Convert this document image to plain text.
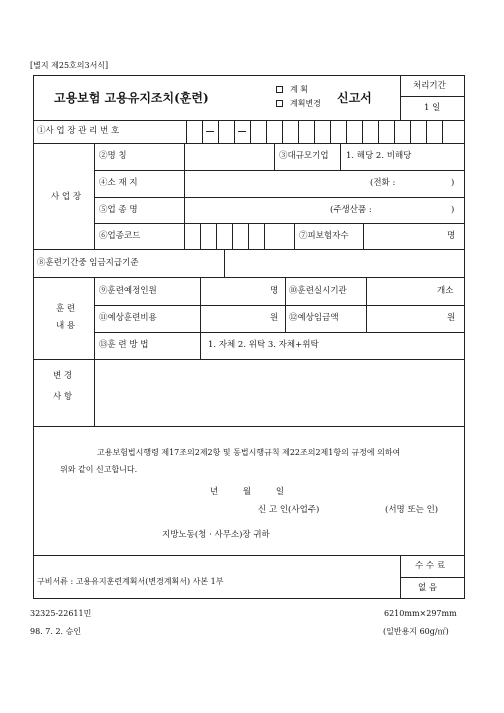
[별지 제25호의3서식]
고용보험 고용유지조치(훈련)
계 획
계획변경 신고서
처리기간
1 일
①사 업 장 관 리 번 호
사 업 장
②명 칭	③대규모기업 1. 해당 2. 비해당
④소 재 지	(전화 :	)
⑤업 종 명	(주생산품 :	)
⑥업종코드	⑦피보험자수	명
⑧훈련기간중 임금지급기준
훈 련
내 용
⑨훈련예정인원	명 ⑩훈련실시기관	개소
⑪예상훈련비용	원 ⑫예상임금액	원
⑬훈 련 방 법	1. 자체 2. 위탁 3. 자체+위탁
변 경
사 항
고용보험법시행령 제17조의2제2항 및 동법시행규칙 제22조의2제1항의 규정에 의하여
위와 같이 신고합니다.
년 월 일
신 고 인(사업주)	(서명 또는 인)
지방노동(청 · 사무소)장 귀하
구비서류 : 고용유지훈련계획서(변경계획서) 사본 1부
수 수 료
없 음
32325-22611민
98. 7. 2. 승인
6210mm×297mm
(일반용지 60g/㎡)
